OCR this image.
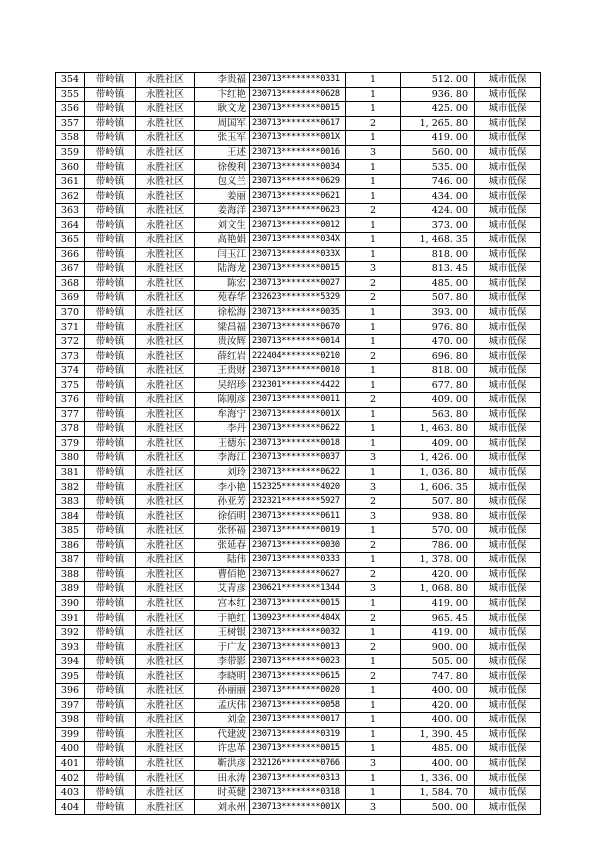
354	带岭镇	永胜社区	李贵福	230713********0331	1	512. 00	城市低保
355	带岭镇	永胜社区	卞红艳	230713********0628	1	936. 80	城市低保
356	带岭镇	永胜社区	耿文龙	230713********0015	1	425. 00	城市低保
357	带岭镇	永胜社区	周国军	230713********0617	2	1, 265. 80	城市低保
358	带岭镇	永胜社区	张玉军	230713********001X	1	419. 00	城市低保
359	带岭镇	永胜社区	王述	230713********0016	3	560. 00	城市低保
360	带岭镇	永胜社区	徐俊利	230713********0034	1	535. 00	城市低保
361	带岭镇	永胜社区	包义兰	230713********0629	1	746. 00	城市低保
362	带岭镇	永胜社区	姜丽	230713********0621	1	434. 00	城市低保
363	带岭镇	永胜社区	姜海洋	230713********0623	2	424. 00	城市低保
364	带岭镇	永胜社区	刘文生	230713********0012	1	373. 00	城市低保
365	带岭镇	永胜社区	高艳娟	230713********034X	1	1, 468. 35	城市低保
366	带岭镇	永胜社区	闫玉江	230713********033X	1	818. 00	城市低保
367	带岭镇	永胜社区	陆海龙	230713********0015	3	813. 45	城市低保
368	带岭镇	永胜社区	陈宏	230713********0027	2	485. 00	城市低保
369	带岭镇	永胜社区	苑春华	232623********5329	2	507. 80	城市低保
370	带岭镇	永胜社区	徐松海	230713********0035	1	393. 00	城市低保
371	带岭镇	永胜社区	梁昌福	230713********0670	1	976. 80	城市低保
372	带岭镇	永胜社区	贵汝辉	230713********0014	1	470. 00	城市低保
373	带岭镇	永胜社区	薛红岩	222404********0210	2	696. 80	城市低保
374	带岭镇	永胜社区	王贵财	230713********0010	1	818. 00	城市低保
375	带岭镇	永胜社区	吴绍珍	232301********4422	1	677. 80	城市低保
376	带岭镇	永胜社区	陈刚彦	230713********0011	2	409. 00	城市低保
377	带岭镇	永胜社区	牟海宁	230713********001X	1	563. 80	城市低保
378	带岭镇	永胜社区	李丹	230713********0622	1	1, 463. 80	城市低保
379	带岭镇	永胜社区	王德东	230713********0018	1	409. 00	城市低保
380	带岭镇	永胜社区	李海江	230713********0037	3	1, 426. 00	城市低保
381	带岭镇	永胜社区	刘玲	230713********0622	1	1, 036. 80	城市低保
382	带岭镇	永胜社区	李小艳	152325********4020	3	1, 606. 35	城市低保
383	带岭镇	永胜社区	孙亚芳	232321********5927	2	507. 80	城市低保
384	带岭镇	永胜社区	徐佰明	230713********0611	3	938. 80	城市低保
385	带岭镇	永胜社区	张怀福	230713********0019	1	570. 00	城市低保
386	带岭镇	永胜社区	张延春	230713********0030	2	786. 00	城市低保
387	带岭镇	永胜社区	陆伟	230713********0333	1	1, 378. 00	城市低保
388	带岭镇	永胜社区	曹佰艳	230713********0627	2	420. 00	城市低保
389	带岭镇	永胜社区	艾青彦	230621********1344	3	1, 068. 80	城市低保
390	带岭镇	永胜社区	宫本红	230713********0015	1	419. 00	城市低保
391	带岭镇	永胜社区	于艳红	130923********404X	2	965. 45	城市低保
392	带岭镇	永胜社区	王树银	230713********0032	1	419. 00	城市低保
393	带岭镇	永胜社区	于广友	230713********0013	2	900. 00	城市低保
394	带岭镇	永胜社区	李带影	230713********0023	1	505. 00	城市低保
395	带岭镇	永胜社区	李晓明	230713********0615	2	747. 80	城市低保
396	带岭镇	永胜社区	孙丽丽	230713********0020	1	400. 00	城市低保
397	带岭镇	永胜社区	孟庆伟	230713********0058	1	420. 00	城市低保
398	带岭镇	永胜社区	刘金	230713********0017	1	400. 00	城市低保
399	带岭镇	永胜社区	代建波	230713********0319	1	1, 390. 45	城市低保
400	带岭镇	永胜社区	许忠革	230713********0015	1	485. 00	城市低保
401	带岭镇	永胜社区	靳洪彦	232126********0766	3	400. 00	城市低保
402	带岭镇	永胜社区	田永涛	230713********0313	1	1, 336. 00	城市低保
403	带岭镇	永胜社区	时英健	230713********0318	1	1, 584. 70	城市低保
404	带岭镇	永胜社区	刘永州	230713********001X	3	500. 00	城市低保
